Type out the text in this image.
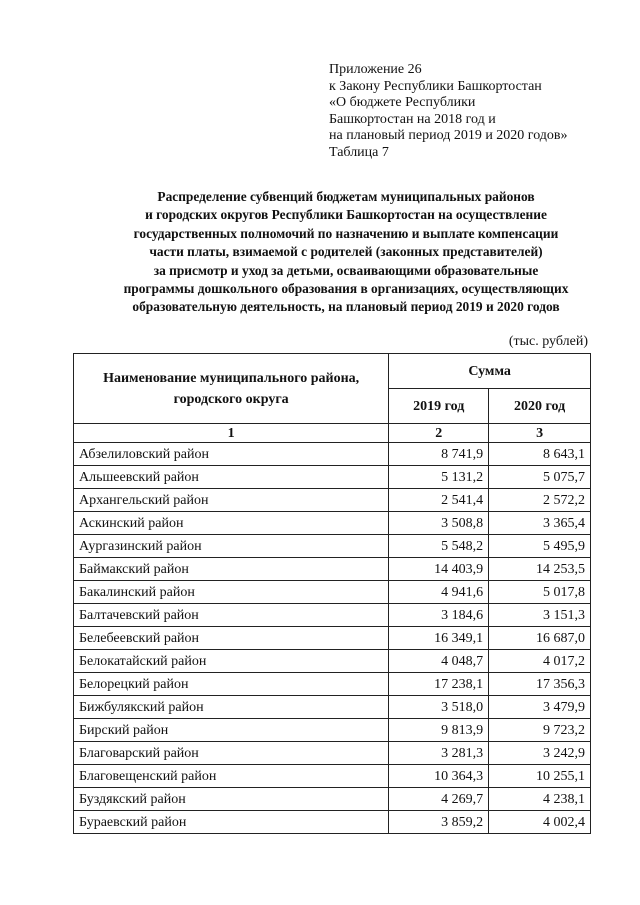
Приложение 26
к Закону Республики Башкортостан
«О бюджете Республики
Башкортостан на 2018 год и
на плановый период 2019 и 2020 годов»
Таблица 7
Распределение субвенций бюджетам муниципальных районов
и городских округов Республики Башкортостан на осуществление
государственных полномочий по назначению и выплате компенсации
части платы, взимаемой с родителей (законных представителей)
за присмотр и уход за детьми, осваивающими образовательные
программы дошкольного образования в организациях, осуществляющих
образовательную деятельность, на плановый период 2019 и 2020 годов
(тыс. рублей)
Наименование муниципального района,
городского округа	Сумма	
	2019 год	2020 год
1	2	3
Абзелиловский район	8 741,9	8 643,1
Альшеевский район	5 131,2	5 075,7
Архангельский район	2 541,4	2 572,2
Аскинский район	3 508,8	3 365,4
Аургазинский район	5 548,2	5 495,9
Баймакский район	14 403,9	14 253,5
Бакалинский район	4 941,6	5 017,8
Балтачевский район	3 184,6	3 151,3
Белебеевский район	16 349,1	16 687,0
Белокатайский район	4 048,7	4 017,2
Белорецкий район	17 238,1	17 356,3
Бижбулякский район	3 518,0	3 479,9
Бирский район	9 813,9	9 723,2
Благоварский район	3 281,3	3 242,9
Благовещенский район	10 364,3	10 255,1
Буздякский район	4 269,7	4 238,1
Бураевский район	3 859,2	4 002,4
